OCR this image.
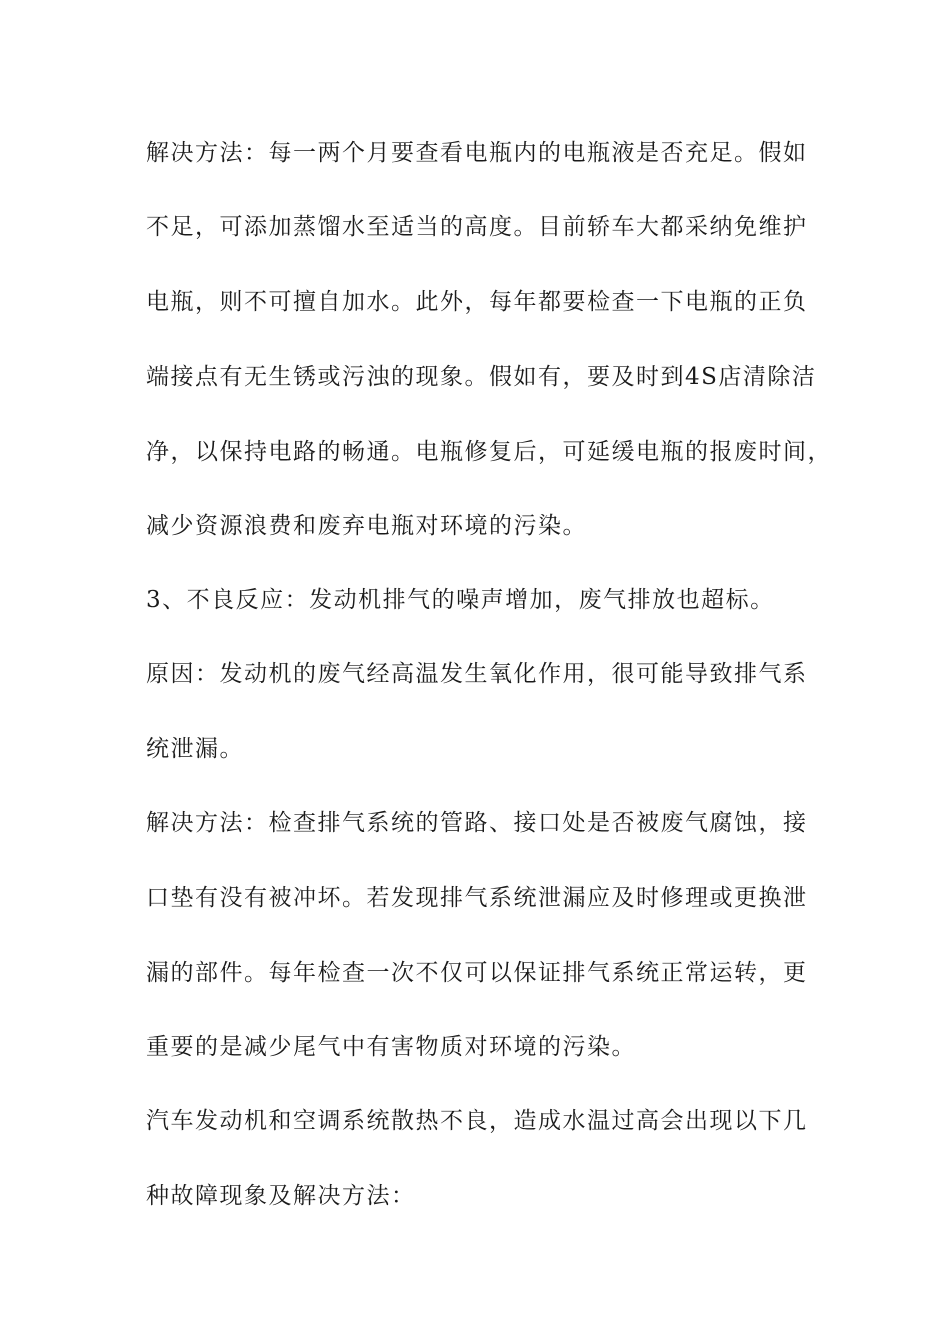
解决方法：每一两个月要查看电瓶内的电瓶液是否充足。假如
不足，可添加蒸馏水至适当的高度。目前轿车大都采纳免维护
电瓶，则不可擅自加水。此外，每年都要检查一下电瓶的正负
端接点有无生锈或污浊的现象。假如有，要及时到4S店清除洁
净，以保持电路的畅通。电瓶修复后，可延缓电瓶的报废时间，
减少资源浪费和废弃电瓶对环境的污染。
3、不良反应：发动机排气的噪声增加，废气排放也超标。
原因：发动机的废气经高温发生氧化作用，很可能导致排气系
统泄漏。
解决方法：检查排气系统的管路、接口处是否被废气腐蚀，接
口垫有没有被冲坏。若发现排气系统泄漏应及时修理或更换泄
漏的部件。每年检查一次不仅可以保证排气系统正常运转，更
重要的是减少尾气中有害物质对环境的污染。
汽车发动机和空调系统散热不良，造成水温过高会出现以下几
种故障现象及解决方法：
